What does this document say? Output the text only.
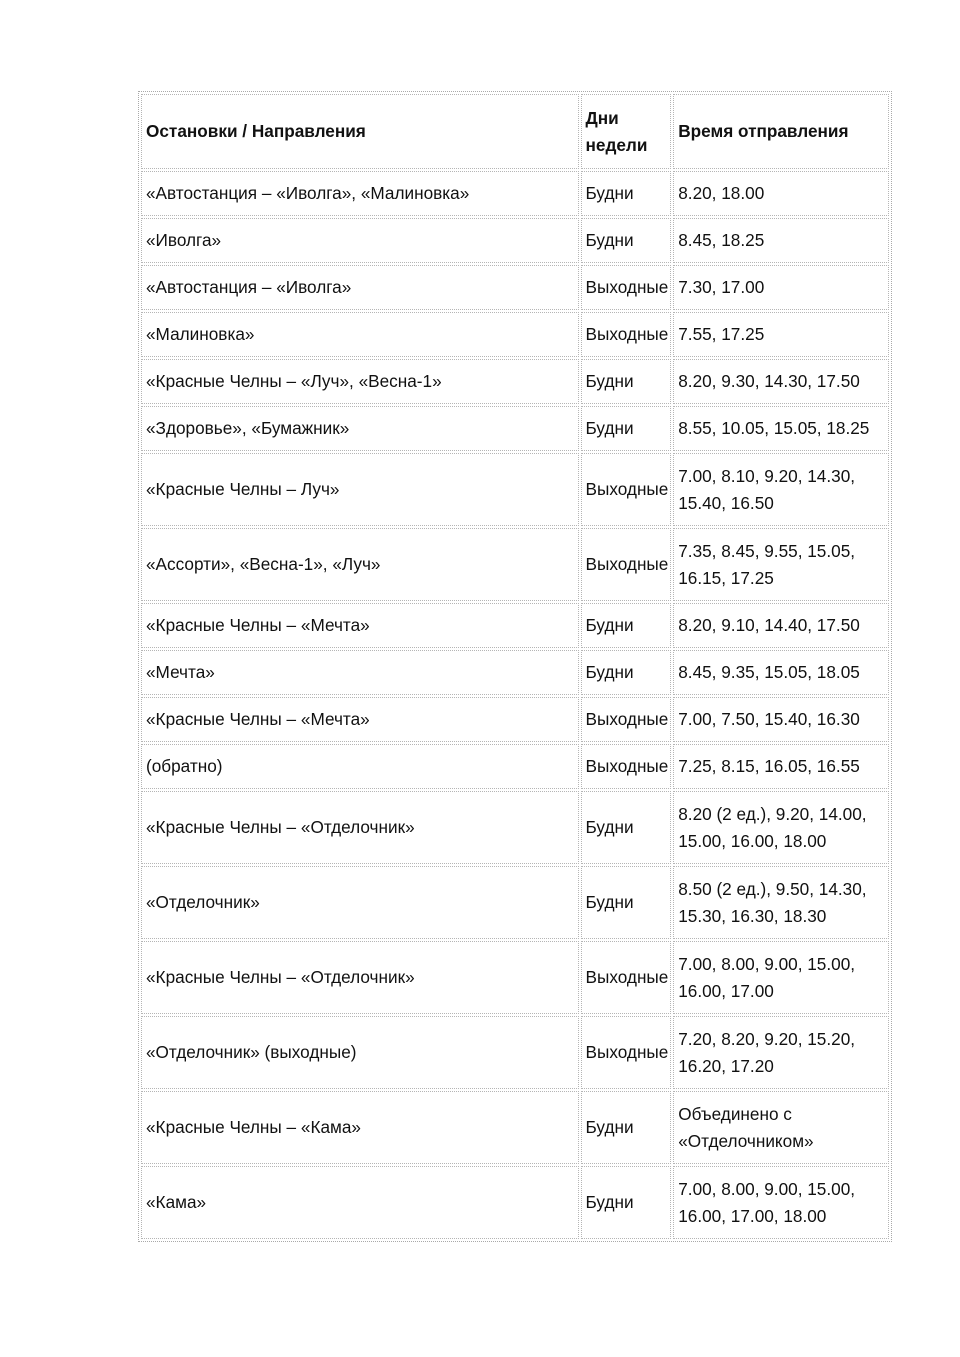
Остановки / Направления	Дни недели	Время отправления

«Автостанция – «Иволга», «Малиновка»	Будни	8.20, 18.00

«Иволга»	Будни	8.45, 18.25

«Автостанция – «Иволга»	Выходные	7.30, 17.00

«Малиновка»	Выходные	7.55, 17.25

«Красные Челны – «Луч», «Весна-1»	Будни	8.20, 9.30, 14.30, 17.50

«Здоровье», «Бумажник»	Будни	8.55, 10.05, 15.05, 18.25

«Красные Челны – Луч»	Выходные	7.00, 8.10, 9.20, 14.30, 15.40, 16.50

«Ассорти», «Весна-1», «Луч»	Выходные	7.35, 8.45, 9.55, 15.05, 16.15, 17.25

«Красные Челны – «Мечта»	Будни	8.20, 9.10, 14.40, 17.50

«Мечта»	Будни	8.45, 9.35, 15.05, 18.05

«Красные Челны – «Мечта»	Выходные	7.00, 7.50, 15.40, 16.30

(обратно)	Выходные	7.25, 8.15, 16.05, 16.55

«Красные Челны – «Отделочник»	Будни	8.20 (2 ед.), 9.20, 14.00, 15.00, 16.00, 18.00

«Отделочник»	Будни	8.50 (2 ед.), 9.50, 14.30, 15.30, 16.30, 18.30

«Красные Челны – «Отделочник»	Выходные	7.00, 8.00, 9.00, 15.00, 16.00, 17.00

«Отделочник» (выходные)	Выходные	7.20, 8.20, 9.20, 15.20, 16.20, 17.20

«Красные Челны – «Кама»	Будни	Объединено с «Отделочником»

«Кама»	Будни	7.00, 8.00, 9.00, 15.00, 16.00, 17.00, 18.00
